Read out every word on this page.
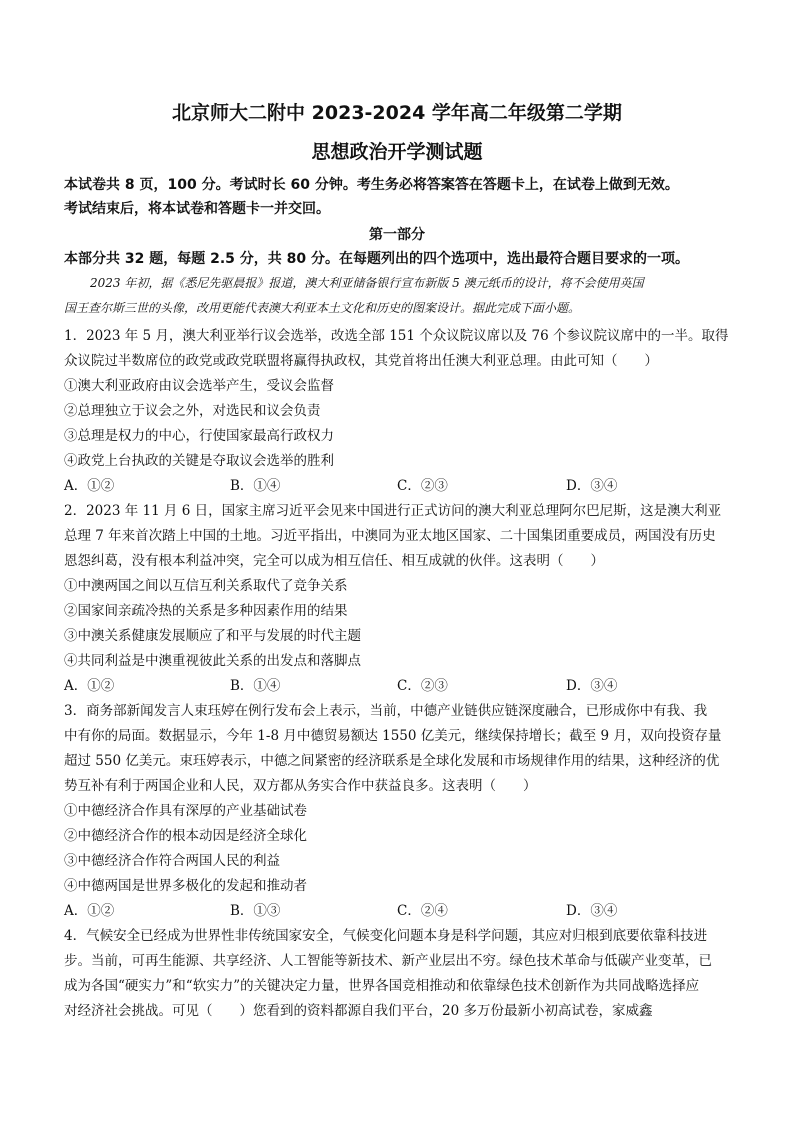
北京师大二附中 2023-2024 学年高二年级第二学期
思想政治开学测试题
本试卷共 8 页，100 分。考试时长 60 分钟。考生务必将答案答在答题卡上，在试卷上做到无效。
考试结束后，将本试卷和答题卡一并交回。
第一部分
本部分共 32 题，每题 2.5 分，共 80 分。在每题列出的四个选项中，选出最符合题目要求的一项。
2023 年初，据《悉尼先驱晨报》报道，澳大利亚储备银行宣布新版 5 澳元纸币的设计，将不会使用英国
国王查尔斯三世的头像，改用更能代表澳大利亚本土文化和历史的图案设计。据此完成下面小题。
1．2023 年 5 月，澳大利亚举行议会选举，改选全部 151 个众议院议席以及 76 个参议院议席中的一半。取得
众议院过半数席位的政党或政党联盟将赢得执政权，其党首将出任澳大利亚总理。由此可知（　　）
①澳大利亚政府由议会选举产生，受议会监督
②总理独立于议会之外，对选民和议会负责
③总理是权力的中心，行使国家最高行政权力
④政党上台执政的关键是夺取议会选举的胜利
A．①②	B．①④	C．②③	D．③④
2．2023 年 11 月 6 日，国家主席习近平会见来中国进行正式访问的澳大利亚总理阿尔巴尼斯，这是澳大利亚
总理 7 年来首次踏上中国的土地。习近平指出，中澳同为亚太地区国家、二十国集团重要成员，两国没有历史
恩怨纠葛，没有根本利益冲突，完全可以成为相互信任、相互成就的伙伴。这表明（　　）
①中澳两国之间以互信互利关系取代了竞争关系
②国家间亲疏冷热的关系是多种因素作用的结果
③中澳关系健康发展顺应了和平与发展的时代主题
④共同利益是中澳重视彼此关系的出发点和落脚点
A．①②	B．①④	C．②③	D．③④
3．商务部新闻发言人束珏婷在例行发布会上表示，当前，中德产业链供应链深度融合，已形成你中有我、我
中有你的局面。数据显示，今年 1-8 月中德贸易额达 1550 亿美元，继续保持增长；截至 9 月，双向投资存量
超过 550 亿美元。束珏婷表示，中德之间紧密的经济联系是全球化发展和市场规律作用的结果，这种经济的优
势互补有利于两国企业和人民，双方都从务实合作中获益良多。这表明（　　）
①中德经济合作具有深厚的产业基础试卷
②中德经济合作的根本动因是经济全球化
③中德经济合作符合两国人民的利益
④中德两国是世界多极化的发起和推动者
A．①②	B．①③	C．②④	D．③④
4．气候安全已经成为世界性非传统国家安全，气候变化问题本身是科学问题，其应对归根到底要依靠科技进
步。当前，可再生能源、共享经济、人工智能等新技术、新产业层出不穷。绿色技术革命与低碳产业变革，已
成为各国“硬实力”和“软实力”的关键决定力量，世界各国竞相推动和依靠绿色技术创新作为共同战略选择应
对经济社会挑战。可见（　　）您看到的资料都源自我们平台，20 多万份最新小初高试卷，家威鑫
